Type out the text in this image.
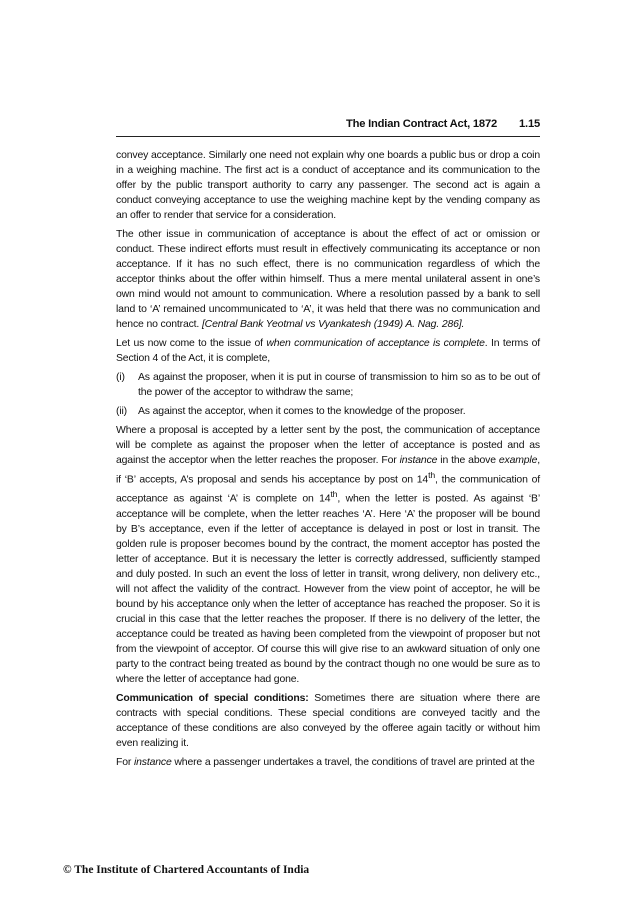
The Indian Contract Act, 1872 1.15

convey acceptance. Similarly one need not explain why one boards a public bus or drop a coin in a weighing machine. The first act is a conduct of acceptance and its communication to the offer by the public transport authority to carry any passenger. The second act is again a conduct conveying acceptance to use the weighing machine kept by the vending company as an offer to render that service for a consideration.

The other issue in communication of acceptance is about the effect of act or omission or conduct. These indirect efforts must result in effectively communicating its acceptance or non acceptance. If it has no such effect, there is no communication regardless of which the acceptor thinks about the offer within himself. Thus a mere mental unilateral assent in one’s own mind would not amount to communication. Where a resolution passed by a bank to sell land to ‘A’ remained uncommunicated to ‘A’, it was held that there was no communication and hence no contract. [Central Bank Yeotmal vs Vyankatesh (1949) A. Nag. 286].

Let us now come to the issue of when communication of acceptance is complete. In terms of Section 4 of the Act, it is complete,

(i)	As against the proposer, when it is put in course of transmission to him so as to be out of the power of the acceptor to withdraw the same;
(ii)	As against the acceptor, when it comes to the knowledge of the proposer.

Where a proposal is accepted by a letter sent by the post, the communication of acceptance will be complete as against the proposer when the letter of acceptance is posted and as against the acceptor when the letter reaches the proposer. For instance in the above example, if ‘B’ accepts, A’s proposal and sends his acceptance by post on 14th, the communication of acceptance as against ‘A’ is complete on 14th, when the letter is posted. As against ‘B’ acceptance will be complete, when the letter reaches ‘A’. Here ‘A’ the proposer will be bound by B’s acceptance, even if the letter of acceptance is delayed in post or lost in transit. The golden rule is proposer becomes bound by the contract, the moment acceptor has posted the letter of acceptance. But it is necessary the letter is correctly addressed, sufficiently stamped and duly posted. In such an event the loss of letter in transit, wrong delivery, non delivery etc., will not affect the validity of the contract. However from the view point of acceptor, he will be bound by his acceptance only when the letter of acceptance has reached the proposer. So it is crucial in this case that the letter reaches the proposer. If there is no delivery of the letter, the acceptance could be treated as having been completed from the viewpoint of proposer but not from the viewpoint of acceptor. Of course this will give rise to an awkward situation of only one party to the contract being treated as bound by the contract though no one would be sure as to where the letter of acceptance had gone.

Communication of special conditions: Sometimes there are situation where there are contracts with special conditions. These special conditions are conveyed tacitly and the acceptance of these conditions are also conveyed by the offeree again tacitly or without him even realizing it.

For instance where a passenger undertakes a travel, the conditions of travel are printed at the

© The Institute of Chartered Accountants of India
